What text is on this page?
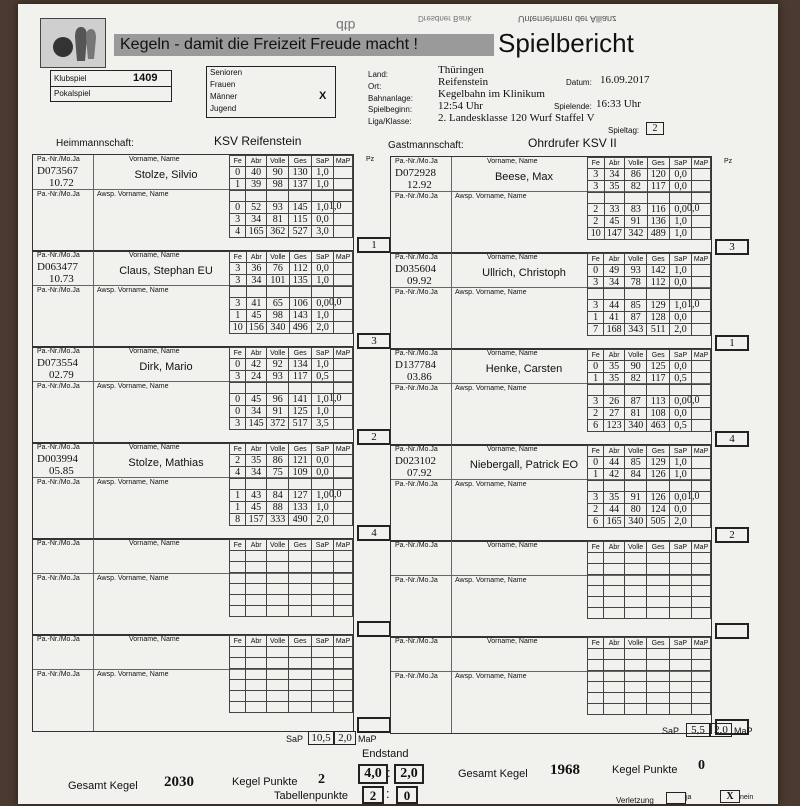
Kegeln - damit die Freizeit Freude macht !	Spielbericht
Unternehmen der Allianz
Dresdner Bank
dtb
Klubspiel	1409
Pokalspiel
Senioren
Frauen
Männer	X
Jugend
Land:	Thüringen
Ort:	Reifenstein	Datum: 16.09.2017
Bahnanlage: Kegelbahn im Klinikum
Spielbeginn: 12:54 Uhr	Spielende: 16:33 Uhr
Liga/Klasse: 2. Landesklasse 120 Wurf Staffel V
Spieltag:	2
Heimmannschaft:	KSV Reifenstein	Gastmannschaft:	Ohrdrufer KSV II
Pa.-Nr./Mo.Ja	Vorname, Name
Awsp. Vorname, Name
Pa.-Nr./Mo.Ja
Fe	Abr	Volle	Ges	SaP	MaP
0	40	90	130	1,0	
1	39	98	137	1,0	

0	52	93	145	1,0	
3	34	81	115	0,0	
4	165	362	527	3,0	
D073567
10.72
Stolze, Silvio
1,0
1
Pa.-Nr./Mo.Ja	Vorname, Name
Awsp. Vorname, Name
Pa.-Nr./Mo.Ja
Fe	Abr	Volle	Ges	SaP	MaP
3	36	76	112	0,0	
3	34	101	135	1,0	

3	41	65	106	0,0	
1	45	98	143	1,0	
10	156	340	496	2,0	
D063477
10.73
Claus, Stephan EU
0,0
3
Pa.-Nr./Mo.Ja	Vorname, Name
Awsp. Vorname, Name
Pa.-Nr./Mo.Ja
Fe	Abr	Volle	Ges	SaP	MaP
0	42	92	134	1,0	
3	24	93	117	0,5	

0	45	96	141	1,0	
0	34	91	125	1,0	
3	145	372	517	3,5	
D073554
02.79
Dirk, Mario
1,0
2
Pa.-Nr./Mo.Ja	Vorname, Name
Awsp. Vorname, Name
Pa.-Nr./Mo.Ja
Fe	Abr	Volle	Ges	SaP	MaP
2	35	86	121	0,0	
4	34	75	109	0,0	

1	43	84	127	1,0	
1	45	88	133	1,0	
8	157	333	490	2,0	
D003994
05.85
Stolze, Mathias
0,0
4
Pa.-Nr./Mo.Ja	Vorname, Name
Awsp. Vorname, Name
Pa.-Nr./Mo.Ja
Fe	Abr	Volle	Ges	SaP	MaP

Pa.-Nr./Mo.Ja	Vorname, Name
Awsp. Vorname, Name
Pa.-Nr./Mo.Ja
Fe	Abr	Volle	Ges	SaP	MaP

Pz	Pa.-Nr./Mo.Ja	Vorname, Name
Awsp. Vorname, Name
Pa.-Nr./Mo.Ja
Fe	Abr	Volle	Ges	SaP	MaP
3	34	86	120	0,0	
3	35	82	117	0,0	

2	33	83	116	0,0	
2	45	91	136	1,0	
10	147	342	489	1,0	
D072928
12.92
Beese, Max
0,0
3
Pa.-Nr./Mo.Ja	Vorname, Name
Awsp. Vorname, Name
Pa.-Nr./Mo.Ja
Fe	Abr	Volle	Ges	SaP	MaP
0	49	93	142	1,0	
3	34	78	112	0,0	

3	44	85	129	1,0	
1	41	87	128	0,0	
7	168	343	511	2,0	
D035604
09.92
Ullrich, Christoph
1,0
1
Pa.-Nr./Mo.Ja	Vorname, Name
Awsp. Vorname, Name
Pa.-Nr./Mo.Ja
Fe	Abr	Volle	Ges	SaP	MaP
0	35	90	125	0,0	
1	35	82	117	0,5	

3	26	87	113	0,0	
2	27	81	108	0,0	
6	123	340	463	0,5	
D137784
03.86
Henke, Carsten
0,0
4
Pa.-Nr./Mo.Ja	Vorname, Name
Awsp. Vorname, Name
Pa.-Nr./Mo.Ja
Fe	Abr	Volle	Ges	SaP	MaP
0	44	85	129	1,0	
1	42	84	126	1,0	

3	35	91	126	0,0	
2	44	80	124	0,0	
6	165	340	505	2,0	
D023102
07.92
Niebergall, Patrick EO
1,0
2
Pa.-Nr./Mo.Ja	Vorname, Name
Awsp. Vorname, Name
Pa.-Nr./Mo.Ja
Fe	Abr	Volle	Ges	SaP	MaP

Pa.-Nr./Mo.Ja	Vorname, Name
Awsp. Vorname, Name
Pa.-Nr./Mo.Ja
Fe	Abr	Volle	Ges	SaP	MaP

Pz
SaP 10,5 2,0 MaP
SaP	5,5 2,0 MaP
Gesamt Kegel 2030	Kegel Punkte 2
Endstand
4,0 : 2,0
Tabellenpunkte	2 :	0
Gesamt Kegel 1968	Kegel Punkte 0
Verletzung	ja	X nein
